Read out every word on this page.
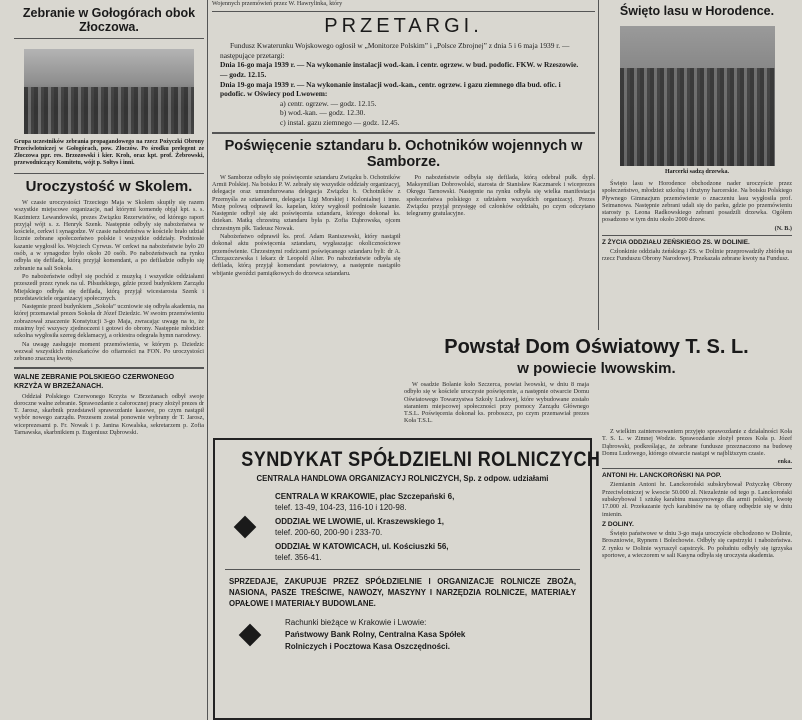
Zebranie w Gołogórach obok Złoczowa.
Grupa uczestników zebrania propagandowego na rzecz Pożyczki Obrony Przeciwlotniczej w Gołogórach, pow. Złoczów. Po środku prelegent ze Złoczowa ppr. res. Brzozowski i kier. Kroh, oraz kpt. prof. Żebrowski, przewodniczący Komitetu, wójt p. Sołtys i inni.
Uroczystość w Skolem.

W czasie uroczystości Trzeciego Maja w Skolem skupiły się razem wszystkie miejscowe organizacje, nad którymi komendę objął kpt. s. s. Kazimierz Lewandowski, prezes Związku Rezerwistów, od którego raport przyjął wójt s. z. Henryk Szenk. Następnie odbyły się nabożeństwa w kościele, cerkwi i synagodze. W czasie nabożeństwa w kościele brało udział licznie zebrane społeczeństwo polskie i wszystkie oddziały. Podniosłe kazanie wygłosił ks. Wojciech Cyrwus. W cerkwi na nabożeństwie było 20 osób, a w synagodze było około 20 osób. Po nabożeństwach na rynku odbyła się defilada, którą przyjął komendant, a po defiladzie odbyło się zebranie na sali Sokoła.

Po nabożeństwie odbył się pochód z muzyką i wszystkie oddziałami przeszedł przez rynek na ul. Piłsudskiego, gdzie przed budynkiem Zarządu Miejskiego odbyła się defilada, którą przyjął wicestarosta Szenk i przedstawiciele organizacyj społecznych.

Następnie przed budynkiem „Sokoła” uczniowie się odbyła akademia, na której przemawiał prezes Sokoła dr Józef Dziedzic. W swoim przemówieniu zobrazował znaczenie Konstytucji 3-go Maja, zwracając uwagę na to, że musimy być wszyscy zjednoczeni i gotowi do obrony. Następnie młodzież szkolna wygłosiła szereg deklamacyj, a orkiestra odegrała hymn narodowy.

Na uwagę zasługuje moment przemówienia, w którym p. Dziedzic wezwał wszystkich mieszkańców do ofiarności na FON. Po uroczystości zebrano znaczną kwotę.

WALNE ZEBRANIE POLSKIEGO CZERWONEGO KRZYŻA W BRZEŻANACH.

Oddział Polskiego Czerwonego Krzyża w Brzeżanach odbył swoje doroczne walne zebranie. Sprawozdanie z całorocznej pracy złożył prezes dr T. Jarosz, skarbnik przedstawił sprawozdanie kasowe, po czym nastąpił wybór nowego zarządu. Prezesem został ponownie wybrany dr T. Jarosz, wiceprezesami p. Fr. Nowak i p. Janina Kowalska, sekretarzem p. Zofia Tarnawska, skarbnikiem p. Eugeniusz Dąbrowski.

Wojennych przemówień przez W. Hawrylinka, który
PRZETARGI.
Fundusz Kwaterunku Wojskowego ogłosił w „Monitorze Polskim” i „Polsce Zbrojnej” z dnia 5 i 6 maja 1939 r. — następujące przetargi:
Dnia 16-go maja 1939 r. — Na wykonanie instalacji wod.-kan. i centr. ogrzew. w bud. podofic. FKW. w Rzeszowie. — godz. 12.15.
Dnia 19-go maja 1939 r. — Na wykonanie instalacji wod.-kan., centr. ogrzew. i gazu ziemnego dla bud. ofic. i podofic. w Oświecy pod Lwowem:
a) centr. ogrzew. — godz. 12.15.
b) wod.-kan. — godz. 12.30.
c) instal. gazu ziemnego — godz. 12.45.
Poświęcenie sztandaru b. Ochotników wojennych w Samborze.

W Samborze odbyło się poświęcenie sztandaru Związku b. Ochotników Armii Polskiej. Na boisku P. W. zebrały się wszystkie oddziały organizacyj, delegacje oraz umundurowana delegacja Związku b. Ochotników z Przemyśla ze sztandarem, delegacja Ligi Morskiej i Kolonialnej i inne. Mszę polową odprawił ks. kapelan, który wygłosił podniosłe kazanie. Następnie odbył się akt poświęcenia sztandaru, którego dokonał ks. dziekan. Matką chrzestną sztandaru była p. Zofia Dąbrowska, ojcem chrzestnym płk. Tadeusz Nowak.

Nabożeństwo odprawił ks. prof. Adam Raniszewski, który nastąpił dokonał aktu poświęcenia sztandaru, wygłaszając okolicznościowe przemówienie. Chrzestnymi rodzicami poświęcanego sztandaru byli: dr A. Chrząszczewska i lekarz dr Leopold Alter. Po nabożeństwie odbyła się defilada, którą przyjął komendant powiatowy, a następnie nastąpiło wbijanie gwoździ pamiątkowych do drzewca sztandaru.

Po nabożeństwie odbyła się defilada, którą odebrał pułk. dypl. Maksymilian Dobrowolski, starosta dr Stanisław Kaczmarek i wiceprezes Okręgu Tarnowski. Następnie na rynku odbyła się wielka manifestacja społeczeństwa polskiego z udziałem wszystkich organizacyj. Prezes Związku przyjął przysięgę od członków oddziału, po czym odczytano telegramy gratulacyjne.

Powstał Dom Oświatowy T. S. L.
w powiecie lwowskim.

W osadzie Bolanie koło Szczerca, powiat lwowski, w dniu 8 maja odbyło się w kościele uroczyste poświęcenie, a następnie otwarcie Domu Oświatowego Towarzystwa Szkoły Ludowej, które wybudowane zostało staraniem miejscowej społeczności przy pomocy Zarządu Głównego T.S.L. Poświęcenia dokonał ks. proboszcz, po czym przemawiał prezes Koła T.S.L.

SYNDYKAT SPÓŁDZIELNI ROLNICZYCH
CENTRALA HANDLOWA ORGANIZACYJ ROLNICZYCH, Sp. z odpow. udziałami
CENTRALA W KRAKOWIE, plac Szczepański 6,
telef. 13-49, 104-23, 116-10 i 120-98.
ODDZIAŁ WE LWOWIE, ul. Kraszewskiego 1,
telef. 200-60, 200-90 i 233-70.
ODDZIAŁ W KATOWICACH, ul. Kościuszki 56,
telef. 356-41.
SPRZEDAJE, ZAKUPUJE PRZEZ SPÓŁDZIELNIE I ORGANIZACJE ROLNICZE ZBOŻA, NASIONA, PASZE TREŚCIWE, NAWOZY, MASZYNY I NARZĘDZIA ROLNICZE, MATERIAŁY OPAŁOWE I MATERIAŁY BUDOWLANE.
Rachunki bieżące w Krakowie i Lwowie:
Państwowy Bank Rolny, Centralna Kasa Spółek
Rolniczych i Pocztowa Kasa Oszczędności.
Święto lasu w Horodence.
Harcerki sadzą drzewka.

Święto lasu w Horodence obchodzone nader uroczyście przez społeczeństwo, młodzież szkolną i drużyny harcerskie. Na boisku Polskiego Pływnego Gimnazjum przemówienie o znaczeniu lasu wygłosiła prof. Seimanowa. Następnie zebrani udali się do parku, gdzie po przemówieniu starosty p. Leona Radkowskiego zebrani posadzili drzewka. Ogółem posadzono w tym dniu około 2000 drzew.

(N. B.)
Z ŻYCIA ODDZIAŁU ZEŃSKIEGO ZS. W DOLINIE.

Członkinie oddziału żeńskiego ZS. w Dolinie przeprowadziły zbiórkę na rzecz Funduszu Obrony Narodowej. Przekazała zebrane kwoty na Fundusz.

Z wielkim zainteresowaniem przyjęto sprawozdanie z działalności Koła T. S. L. w Zimnej Wodzie. Sprawozdanie złożył prezes Koła p. Józef Dąbrowski, podkreślając, że zebrane fundusze przeznaczono na budowę Domu Ludowego, którego otwarcie nastąpi w najbliższym czasie.

enka.
ANTONI Hr. LANCKOROŃSKI NA POP.

Ziemianin Antoni hr. Lanckoroński subskrybował Pożyczkę Obrony Przeciwlotniczej w kwocie 50.000 zł. Niezależnie od tego p. Lanckoroński subskrybował 1 sztukę karabinu maszynowego dla armii polskiej, kwotę 17.000 zł. Przekazanie tych karabinów na tę ofiarę odbędzie się w dniu imienin.

Z DOLINY.

Święto państwowe w dniu 3-go maja uroczyście obchodzono w Dolinie, Broszniowie, Rypnem i Bolechowie. Odbyły się capstrzyki i nabożeństwa. Z rynku w Dolinie wyruszył capstrzyk. Po południu odbyły się igrzyska sportowe, a wieczorem w sali Kasyna odbyła się uroczysta akademia.
